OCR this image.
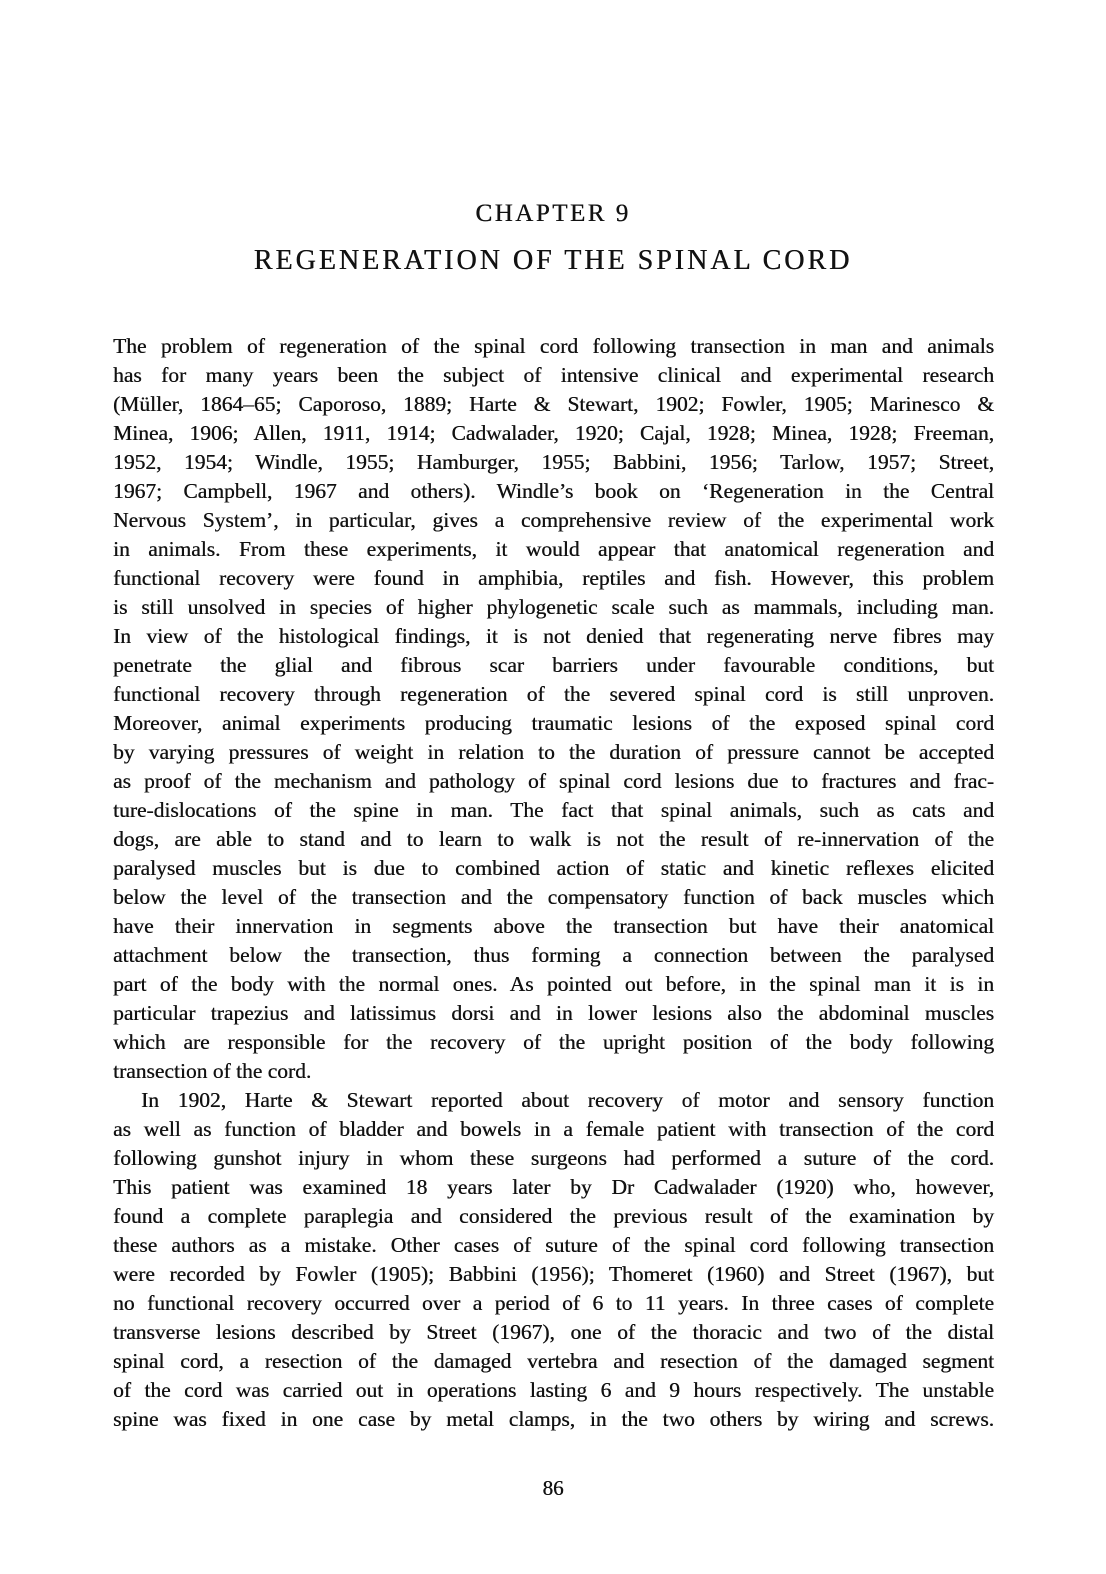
CHAPTER 9
REGENERATION OF THE SPINAL CORD
The problem of regeneration of the spinal cord following transection in man and animals
has for many years been the subject of intensive clinical and experimental research
(Müller, 1864–65; Caporoso, 1889; Harte & Stewart, 1902; Fowler, 1905; Marinesco &
Minea, 1906; Allen, 1911, 1914; Cadwalader, 1920; Cajal, 1928; Minea, 1928; Freeman,
1952, 1954; Windle, 1955; Hamburger, 1955; Babbini, 1956; Tarlow, 1957; Street,
1967; Campbell, 1967 and others). Windle’s book on ‘Regeneration in the Central
Nervous System’, in particular, gives a comprehensive review of the experimental work
in animals. From these experiments, it would appear that anatomical regeneration and
functional recovery were found in amphibia, reptiles and fish. However, this problem
is still unsolved in species of higher phylogenetic scale such as mammals, including man.
In view of the histological findings, it is not denied that regenerating nerve fibres may
penetrate the glial and fibrous scar barriers under favourable conditions, but
functional recovery through regeneration of the severed spinal cord is still unproven.
Moreover, animal experiments producing traumatic lesions of the exposed spinal cord
by varying pressures of weight in relation to the duration of pressure cannot be accepted
as proof of the mechanism and pathology of spinal cord lesions due to fractures and frac-
ture-dislocations of the spine in man. The fact that spinal animals, such as cats and
dogs, are able to stand and to learn to walk is not the result of re-innervation of the
paralysed muscles but is due to combined action of static and kinetic reflexes elicited
below the level of the transection and the compensatory function of back muscles which
have their innervation in segments above the transection but have their anatomical
attachment below the transection, thus forming a connection between the paralysed
part of the body with the normal ones. As pointed out before, in the spinal man it is in
particular trapezius and latissimus dorsi and in lower lesions also the abdominal muscles
which are responsible for the recovery of the upright position of the body following
transection of the cord.
In 1902, Harte & Stewart reported about recovery of motor and sensory function
as well as function of bladder and bowels in a female patient with transection of the cord
following gunshot injury in whom these surgeons had performed a suture of the cord.
This patient was examined 18 years later by Dr Cadwalader (1920) who, however,
found a complete paraplegia and considered the previous result of the examination by
these authors as a mistake. Other cases of suture of the spinal cord following transection
were recorded by Fowler (1905); Babbini (1956); Thomeret (1960) and Street (1967), but
no functional recovery occurred over a period of 6 to 11 years. In three cases of complete
transverse lesions described by Street (1967), one of the thoracic and two of the distal
spinal cord, a resection of the damaged vertebra and resection of the damaged segment
of the cord was carried out in operations lasting 6 and 9 hours respectively. The unstable
spine was fixed in one case by metal clamps, in the two others by wiring and screws.
86
